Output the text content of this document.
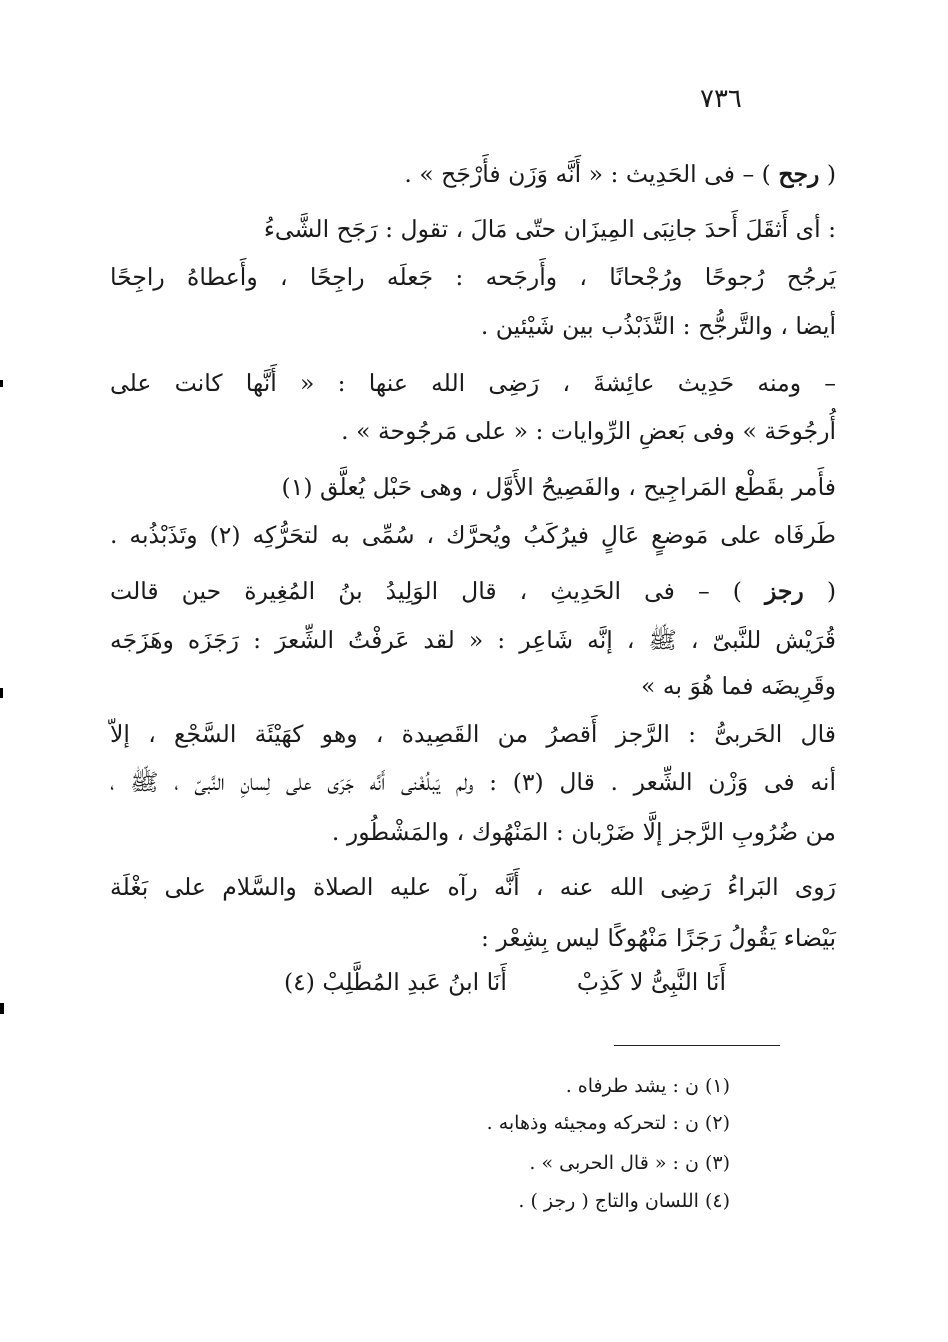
٧٣٦
( رجح ) – فى الحَدِيث : « أَنَّه وَزَن فأَرْجَح » .
: أى أَثقَلَ أَحدَ جانِبَى المِيزَان حتّى مَالَ ، تقول : رَجَح الشَّىءُ
يَرجُح رُجوحًا ورُجْحانًا ، وأَرجَحه : جَعلَه راجِحًا ، وأَعطاهُ راجِحًا
أيضا ، والتَّرجُّح : التَّذَبْذُب بين شَيْئين .
– ومنه حَدِيث عائِشةَ ، رَضِى الله عنها : « أَنَّها كانت على
أُرجُوحَة » وفى بَعضِ الرِّوايات : « على مَرجُوحة » .
فأَمر بقَطْع المَراجِيح ، والفَصِيحُ الأَوَّل ، وهى حَبْل يُعلَّق (١)
طَرفَاه على مَوضعٍ عَالٍ فيرُكَبُ ويُحرَّك ، سُمِّى به لتحَرُّكِه (٢) وتَذَبْذُبه .
( رجز ) – فى الحَدِيثِ ، قال الوَلِيدُ بنُ المُغِيرة حين قالت
قُرَيْش للنَّبىّ ، ﷺ ، إنَّه شَاعِر : « لقد عَرفْتُ الشِّعرَ : رَجَزَه وهَزَجَه
وقَرِيضَه فما هُوَ به »
قال الحَربىُّ : الرَّجز أَقصرُ من القَصِيدة ، وهو كهَيْئَة السَّجْع ، إلاّ
أنه فى وَزْن الشِّعر . قال (٣) : ولم يَبلُغْنى أَنَّه جَرَى على لِسانِ النَّبىّ ، ﷺ ،
من ضُرُوبِ الرَّجز إلَّا ضَرْبان : المَنْهُوك ، والمَشْطُور .
رَوى البَراءُ رَضِى الله عنه ، أَنَّه رآه عليه الصلاة والسَّلام على بَغْلَة
بَيْضاء يَقُولُ رَجَزًا مَنْهُوكًا ليس بِشِعْر :
أَنَا النَّبِىُّ لا كَذِبْأَنَا ابنُ عَبدِ المُطَّلِبْ (٤)
(١) ن : يشد طرفاه .
(٢) ن : لتحركه ومجيئه وذهابه .
(٣) ن : « قال الحربى » .
(٤) اللسان والتاج ( رجز ) .
